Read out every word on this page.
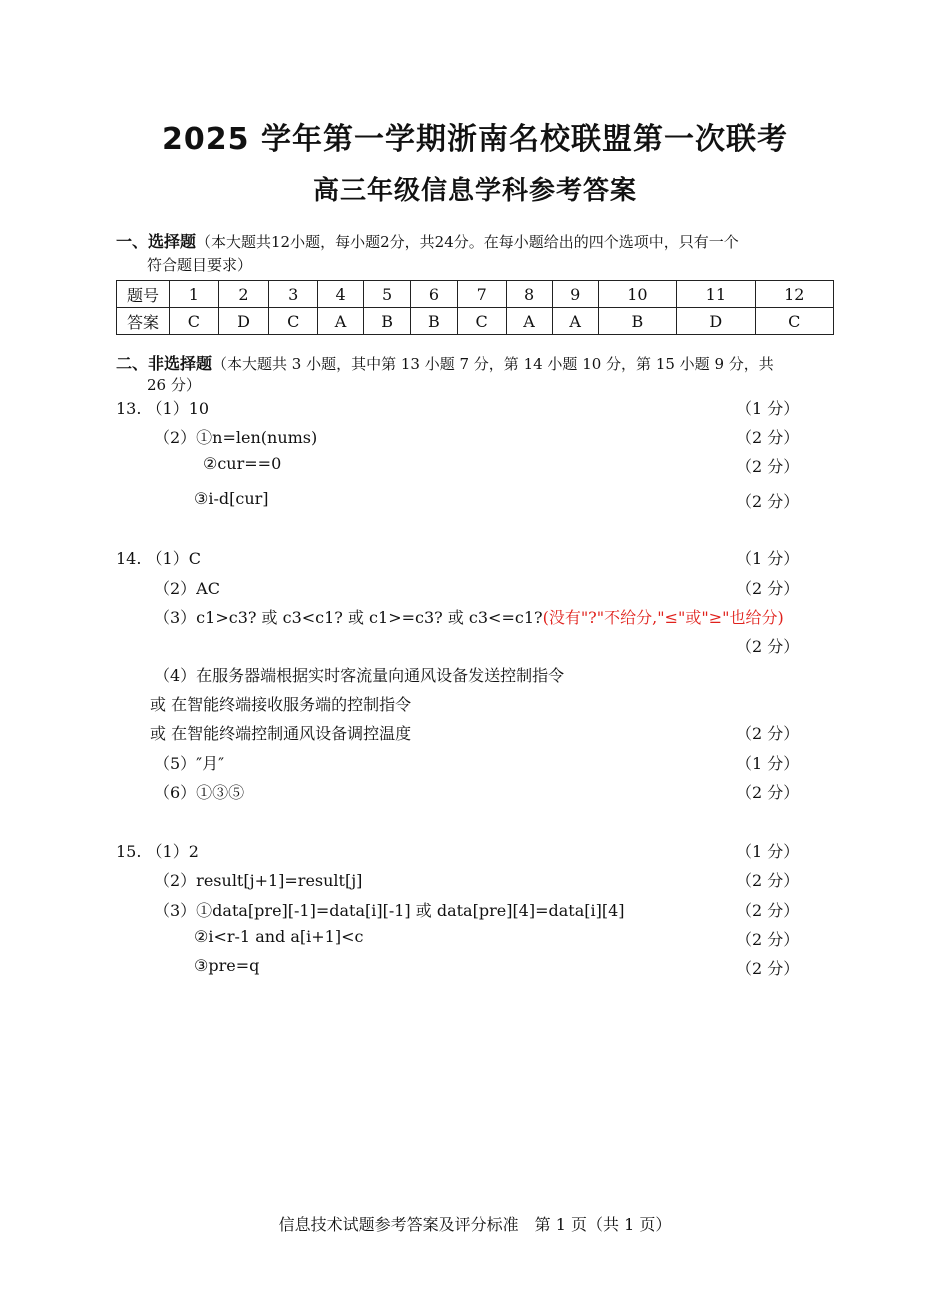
2025 学年第一学期浙南名校联盟第一次联考
高三年级信息学科参考答案
一、选择题（本大题共12小题，每小题2分，共24分。在每小题给出的四个选项中，只有一个
符合题目要求）
题号	1	2	3	4	5	6	7	8	9	10	11	12
答案	C	D	C	A	B	B	C	A	A	B	D	C
二、非选择题（本大题共 3 小题，其中第 13 小题 7 分，第 14 小题 10 分，第 15 小题 9 分，共
26 分）
13. （1）10	（1 分）
（2）①n=len(nums)	（2 分）
②cur==0	（2 分）
③i-d[cur]	（2 分）
14. （1）C	（1 分）
（2）AC	（2 分）
（3）c1>c3? 或 c3<c1? 或 c1>=c3? 或 c3<=c1?(没有"?"不给分,"≤"或"≥"也给分)
（2 分）
（4）在服务器端根据实时客流量向通风设备发送控制指令
或 在智能终端接收服务端的控制指令
或 在智能终端控制通风设备调控温度	（2 分）
（5）″月″	（1 分）
（6）①③⑤	（2 分）
15. （1）2	（1 分）
（2）result[j+1]=result[j]	（2 分）
（3）①data[pre][-1]=data[i][-1] 或 data[pre][4]=data[i][4]	（2 分）
②i<r-1 and a[i+1]<c	（2 分）
③pre=q	（2 分）
信息技术试题参考答案及评分标准　第 1 页（共 1 页）
